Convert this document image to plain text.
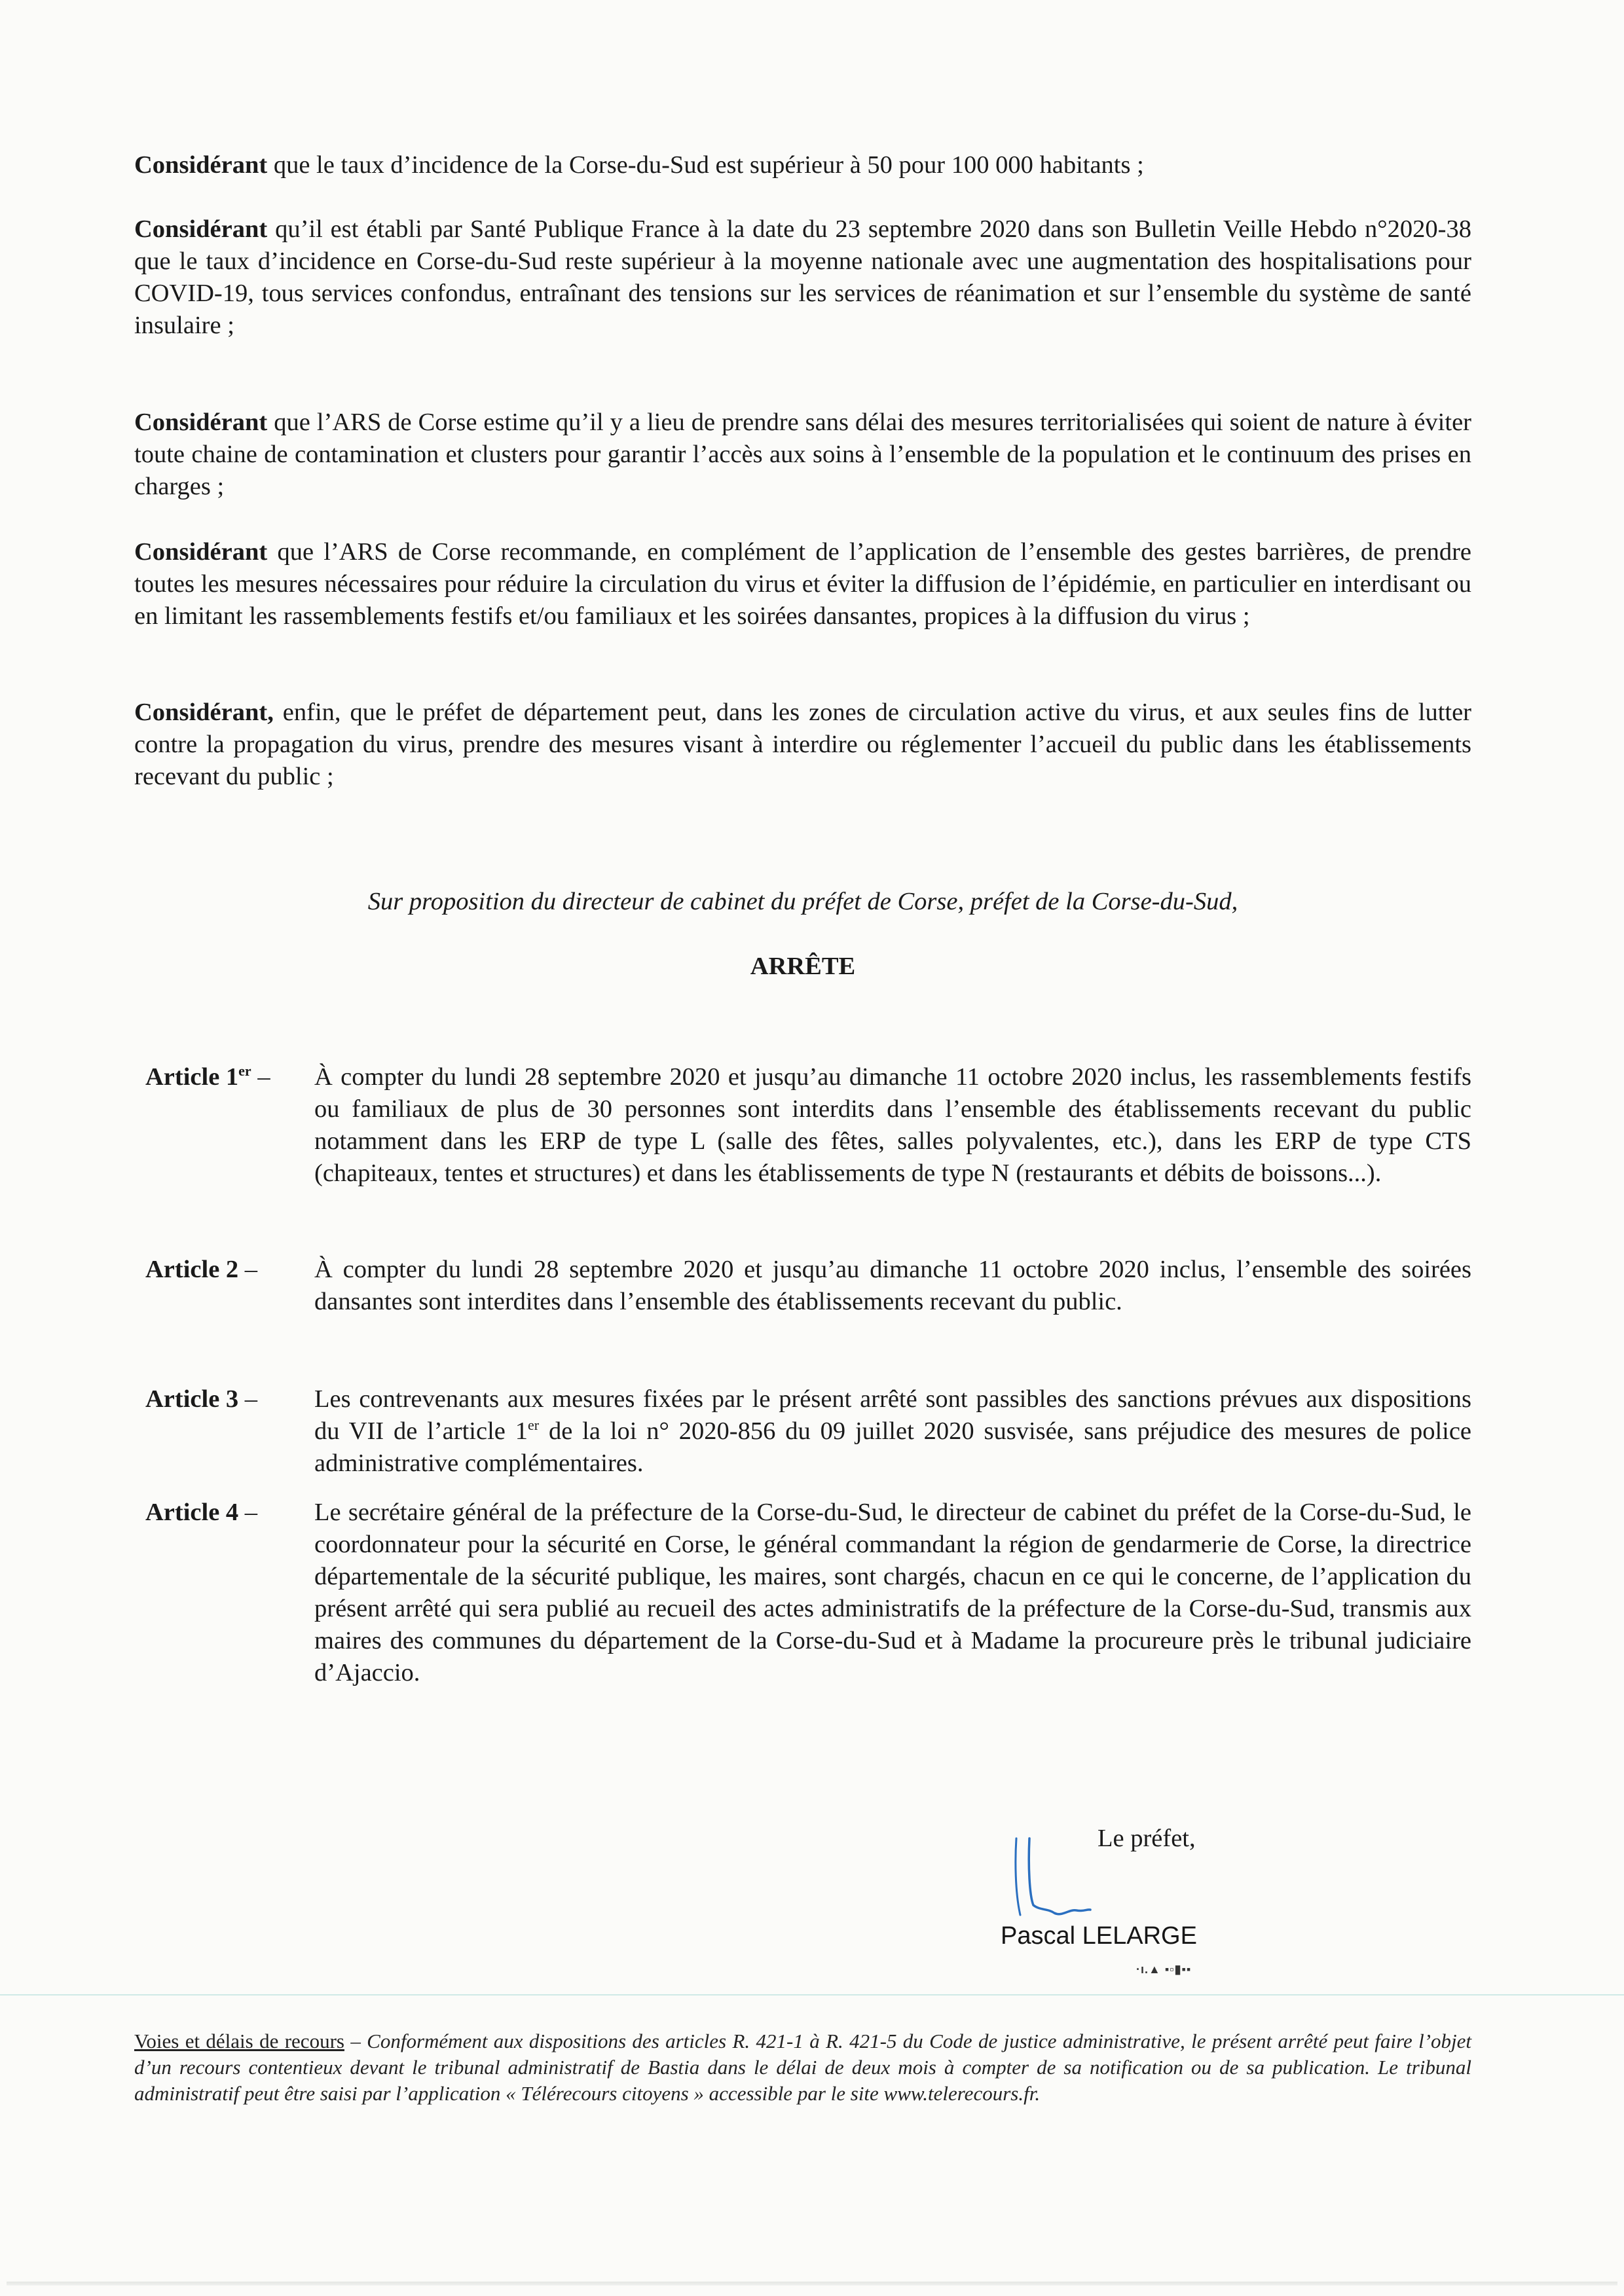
Considérant que le taux d’incidence de la Corse-du-Sud est supérieur à 50 pour 100 000 habitants ;

Considérant qu’il est établi par Santé Publique France à la date du 23 septembre 2020 dans son Bulletin Veille Hebdo n°2020-38 que le taux d’incidence en Corse-du-Sud reste supérieur à la moyenne nationale avec une augmentation des hospitalisations pour COVID-19, tous services confondus, entraînant des tensions sur les services de réanimation et sur l’ensemble du système de santé insulaire ;

Considérant que l’ARS de Corse estime qu’il y a lieu de prendre sans délai des mesures territorialisées qui soient de nature à éviter toute chaine de contamination et clusters pour garantir l’accès aux soins à l’ensemble de la population et le continuum des prises en charges ;

Considérant que l’ARS de Corse recommande, en complément de l’application de l’ensemble des gestes barrières, de prendre toutes les mesures nécessaires pour réduire la circulation du virus et éviter la diffusion de l’épidémie, en particulier en interdisant ou en limitant les rassemblements festifs et/ou familiaux et les soirées dansantes, propices à la diffusion du virus ;

Considérant, enfin, que le préfet de département peut, dans les zones de circulation active du virus, et aux seules fins de lutter contre la propagation du virus, prendre des mesures visant à interdire ou réglementer l’accueil du public dans les établissements recevant du public ;

Sur proposition du directeur de cabinet du préfet de Corse, préfet de la Corse-du-Sud,
ARRÊTE
Article 1er – À compter du lundi 28 septembre 2020 et jusqu’au dimanche 11 octobre 2020 inclus, les rassemblements festifs ou familiaux de plus de 30 personnes sont interdits dans l’ensemble des établissements recevant du public notamment dans les ERP de type L (salle des fêtes, salles polyvalentes, etc.), dans les ERP de type CTS (chapiteaux, tentes et structures) et dans les établissements de type N (restaurants et débits de boissons...).
Article 2 – À compter du lundi 28 septembre 2020 et jusqu’au dimanche 11 octobre 2020 inclus, l’ensemble des soirées dansantes sont interdites dans l’ensemble des établissements recevant du public.
Article 3 – Les contrevenants aux mesures fixées par le présent arrêté sont passibles des sanctions prévues aux dispositions du VII de l’article 1er de la loi n° 2020-856 du 09 juillet 2020 susvisée, sans préjudice des mesures de police administrative complémentaires.
Article 4 – Le secrétaire général de la préfecture de la Corse-du-Sud, le directeur de cabinet du préfet de la Corse-du-Sud, le coordonnateur pour la sécurité en Corse, le général commandant la région de gendarmerie de Corse, la directrice départementale de la sécurité publique, les maires, sont chargés, chacun en ce qui le concerne, de l’application du présent arrêté qui sera publié au recueil des actes administratifs de la préfecture de la Corse-du-Sud, transmis aux maires des communes du département de la Corse-du-Sud et à Madame la procureure près le tribunal judiciaire d’Ajaccio.
Le préfet,
Pascal LELARGE
·ı.▲ ▪▫▮▪▪

Voies et délais de recours – Conformément aux dispositions des articles R. 421-1 à R. 421-5 du Code de justice administrative, le présent arrêté peut faire l’objet d’un recours contentieux devant le tribunal administratif de Bastia dans le délai de deux mois à compter de sa notification ou de sa publication. Le tribunal administratif peut être saisi par l’application « Télérecours citoyens » accessible par le site www.telerecours.fr.
